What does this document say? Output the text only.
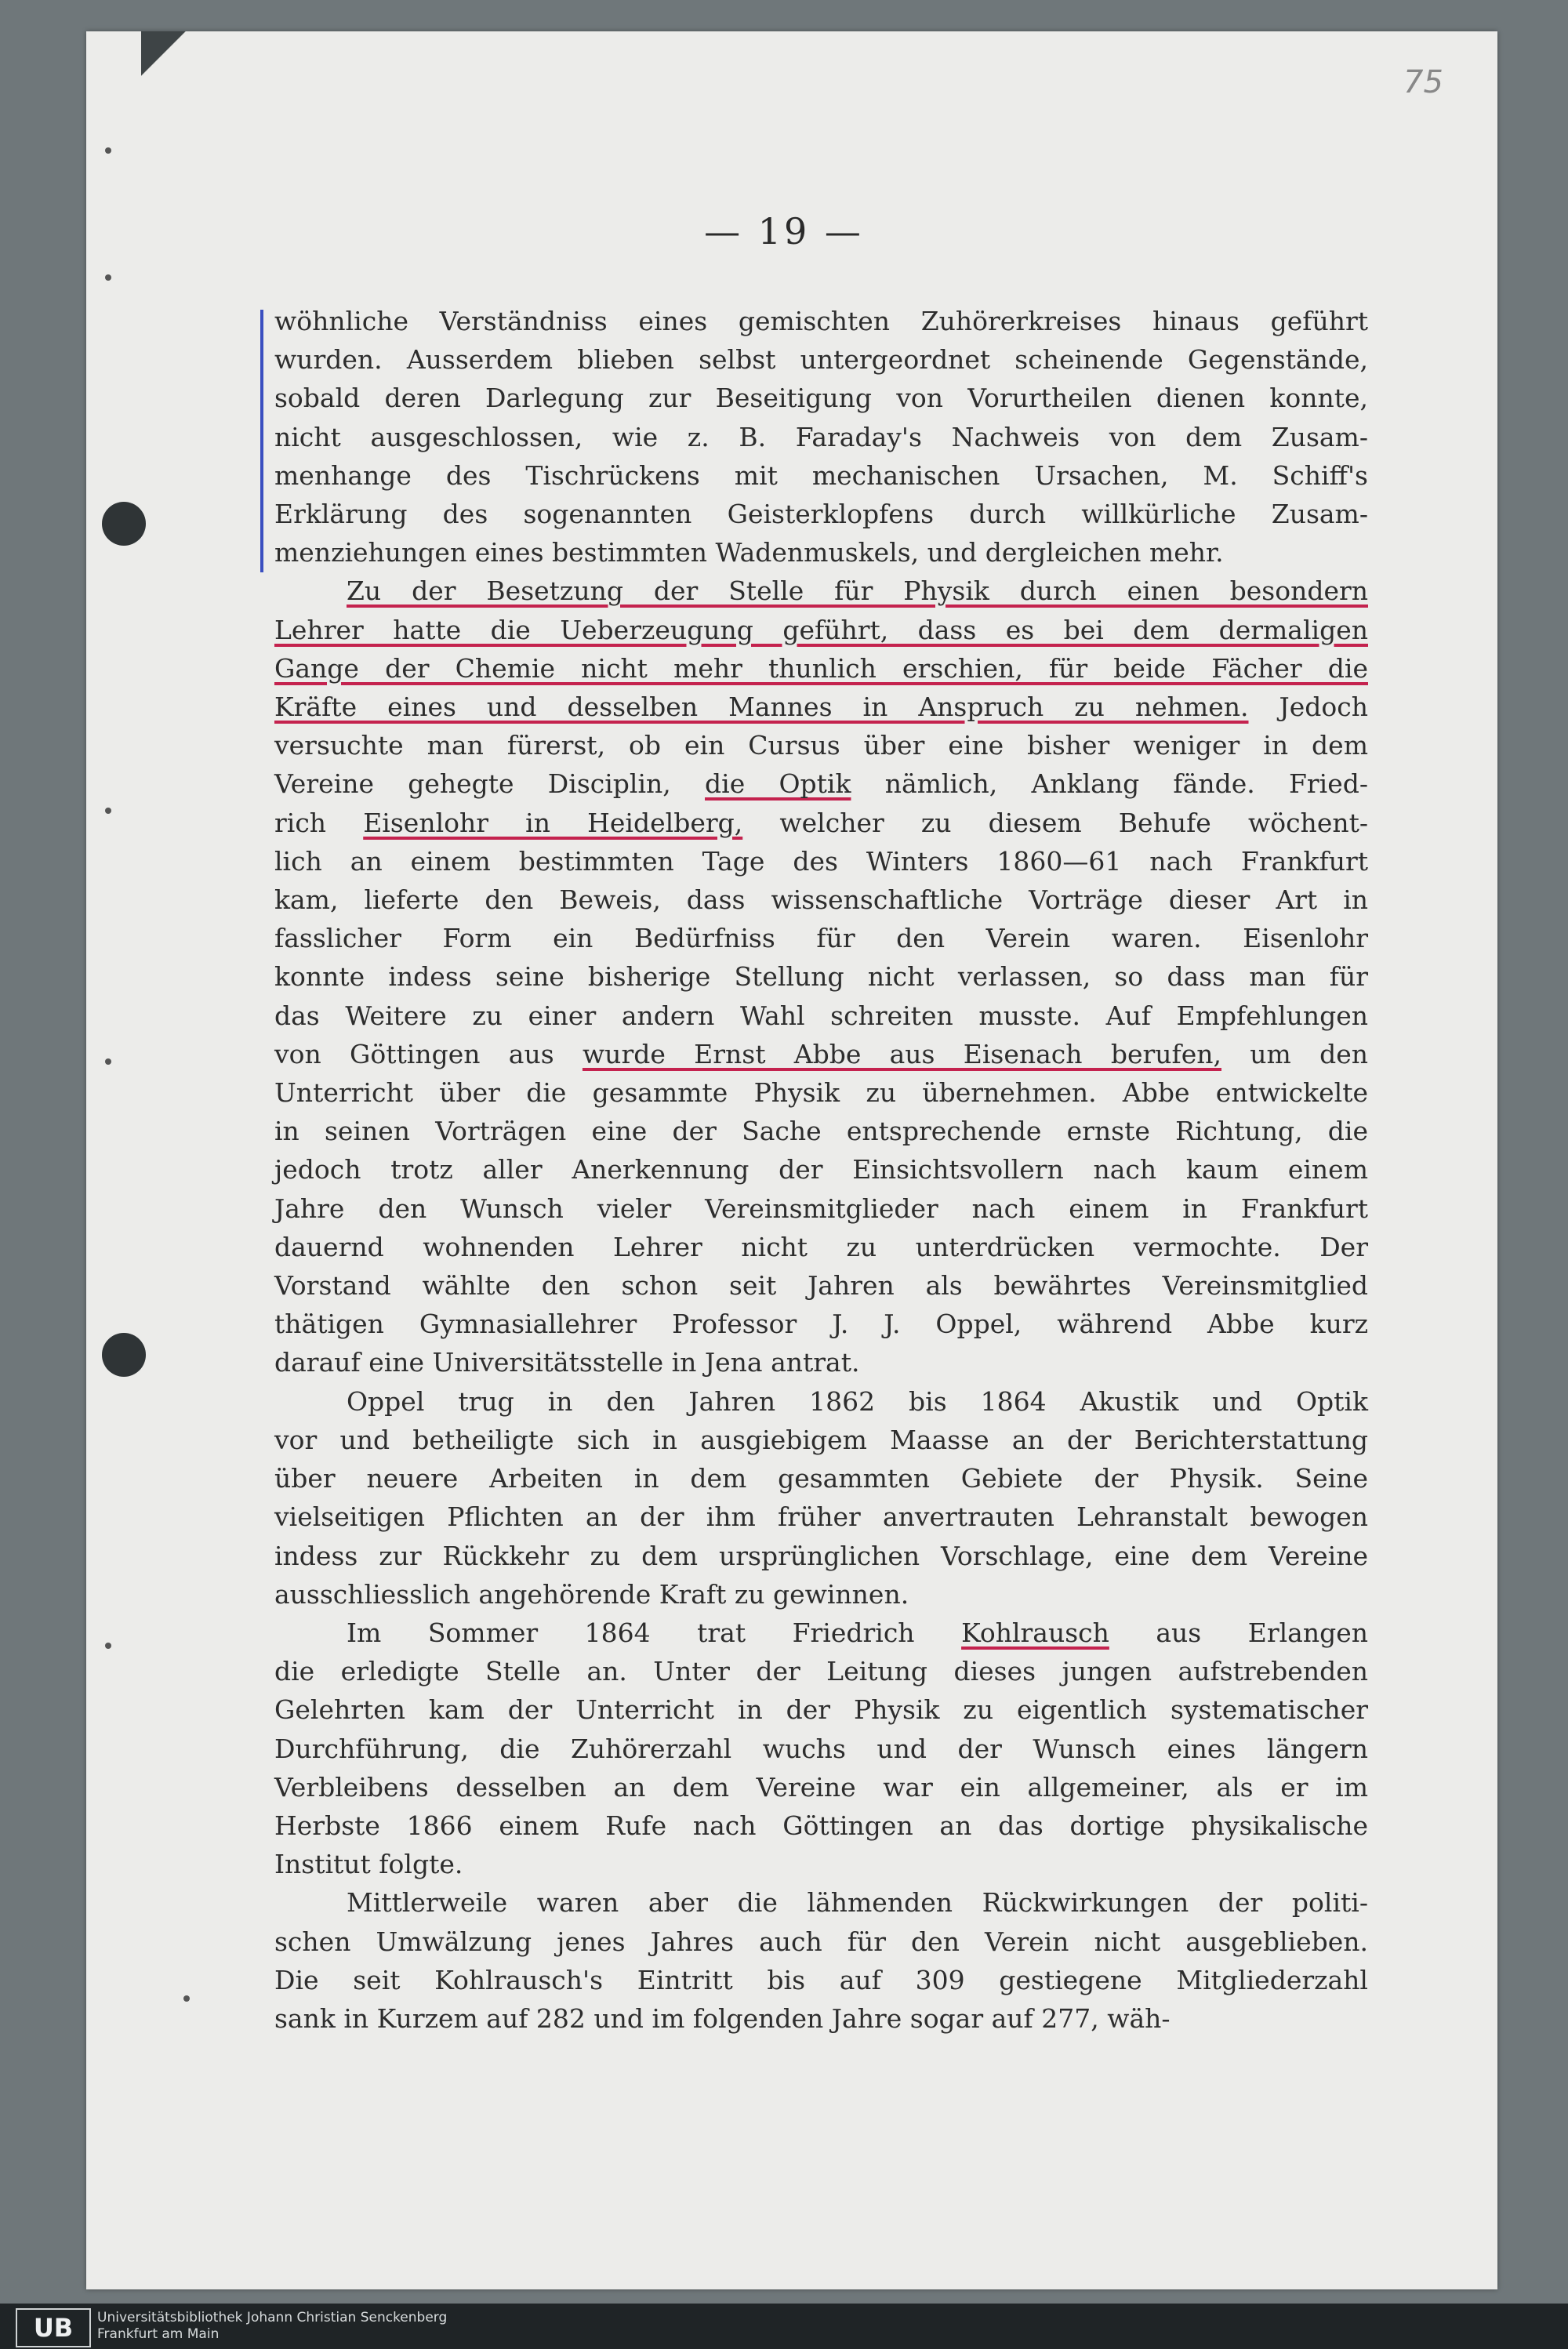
75
— 19 —
wöhnliche Verständniss eines gemischten Zuhörerkreises hinaus geführt
wurden. Ausserdem blieben selbst untergeordnet scheinende Gegenstände,
sobald deren Darlegung zur Beseitigung von Vorurtheilen dienen konnte,
nicht ausgeschlossen, wie z. B. Faraday's Nachweis von dem Zusam-
menhange des Tischrückens mit mechanischen Ursachen, M. Schiff's
Erklärung des sogenannten Geisterklopfens durch willkürliche Zusam-
menziehungen eines bestimmten Wadenmuskels, und dergleichen mehr.
Zu der Besetzung der Stelle für Physik durch einen besondern
Lehrer hatte die Ueberzeugung geführt, dass es bei dem dermaligen
Gange der Chemie nicht mehr thunlich erschien, für beide Fächer die
Kräfte eines und desselben Mannes in Anspruch zu nehmen. Jedoch
versuchte man fürerst, ob ein Cursus über eine bisher weniger in dem
Vereine gehegte Disciplin, die Optik nämlich, Anklang fände. Fried-
rich Eisenlohr in Heidelberg, welcher zu diesem Behufe wöchent-
lich an einem bestimmten Tage des Winters 1860—61 nach Frankfurt
kam, lieferte den Beweis, dass wissenschaftliche Vorträge dieser Art in
fasslicher Form ein Bedürfniss für den Verein waren. Eisenlohr
konnte indess seine bisherige Stellung nicht verlassen, so dass man für
das Weitere zu einer andern Wahl schreiten musste. Auf Empfehlungen
von Göttingen aus wurde Ernst Abbe aus Eisenach berufen, um den
Unterricht über die gesammte Physik zu übernehmen. Abbe entwickelte
in seinen Vorträgen eine der Sache entsprechende ernste Richtung, die
jedoch trotz aller Anerkennung der Einsichtsvollern nach kaum einem
Jahre den Wunsch vieler Vereinsmitglieder nach einem in Frankfurt
dauernd wohnenden Lehrer nicht zu unterdrücken vermochte. Der
Vorstand wählte den schon seit Jahren als bewährtes Vereinsmitglied
thätigen Gymnasiallehrer Professor J. J. Oppel, während Abbe kurz
darauf eine Universitätsstelle in Jena antrat.
Oppel trug in den Jahren 1862 bis 1864 Akustik und Optik
vor und betheiligte sich in ausgiebigem Maasse an der Berichterstattung
über neuere Arbeiten in dem gesammten Gebiete der Physik. Seine
vielseitigen Pflichten an der ihm früher anvertrauten Lehranstalt bewogen
indess zur Rückkehr zu dem ursprünglichen Vorschlage, eine dem Vereine
ausschliesslich angehörende Kraft zu gewinnen.
Im Sommer 1864 trat Friedrich Kohlrausch aus Erlangen
die erledigte Stelle an. Unter der Leitung dieses jungen aufstrebenden
Gelehrten kam der Unterricht in der Physik zu eigentlich systematischer
Durchführung, die Zuhörerzahl wuchs und der Wunsch eines längern
Verbleibens desselben an dem Vereine war ein allgemeiner, als er im
Herbste 1866 einem Rufe nach Göttingen an das dortige physikalische
Institut folgte.
Mittlerweile waren aber die lähmenden Rückwirkungen der politi-
schen Umwälzung jenes Jahres auch für den Verein nicht ausgeblieben.
Die seit Kohlrausch's Eintritt bis auf 309 gestiegene Mitgliederzahl
sank in Kurzem auf 282 und im folgenden Jahre sogar auf 277, wäh-
UB	Universitätsbibliothek Johann Christian Senckenberg
Frankfurt am Main
